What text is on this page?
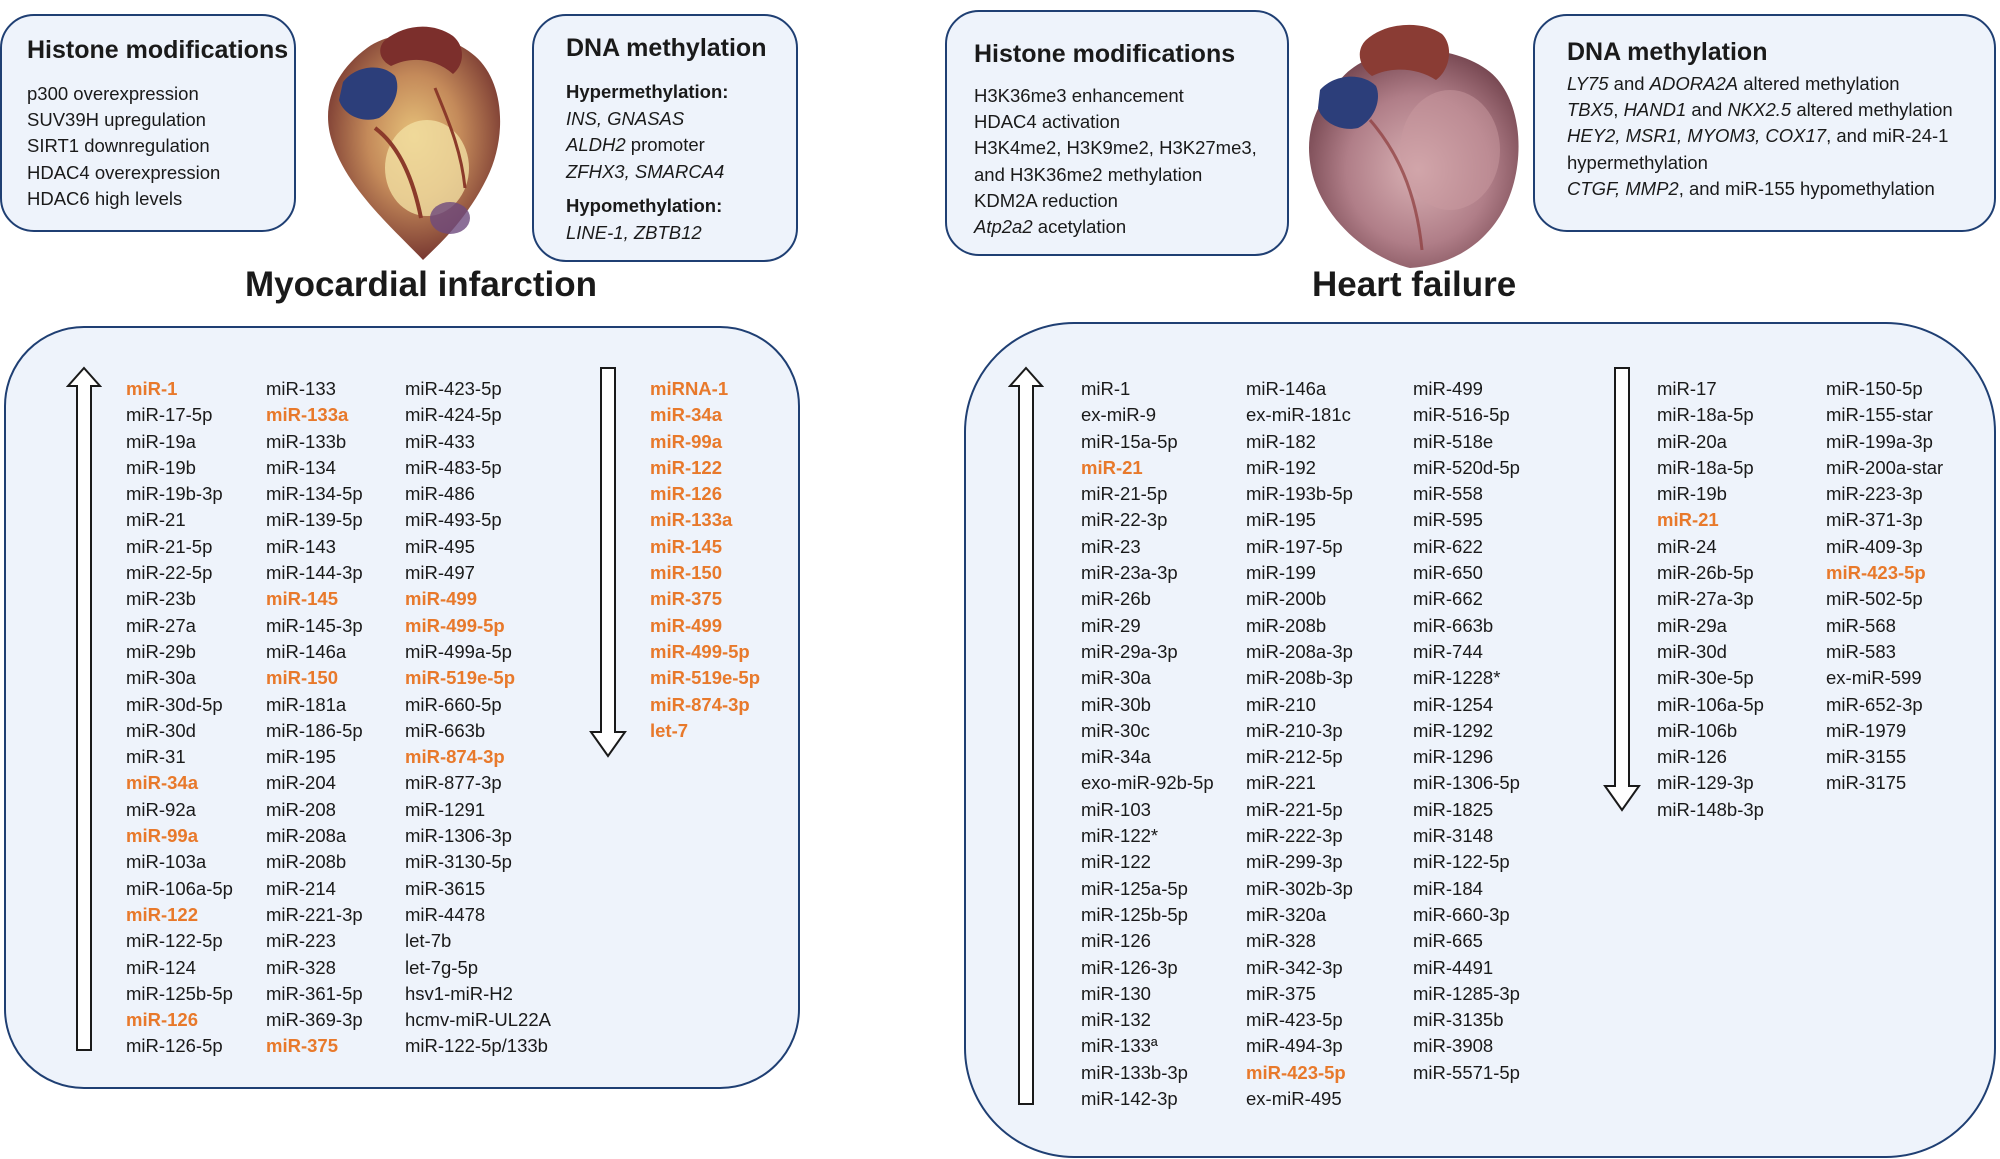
Histone modifications
p300 overexpression
SUV39H upregulation
SIRT1 downregulation
HDAC4 overexpression
HDAC6 high levels
DNA methylation
Hypermethylation:
INS, GNASAS
ALDH2 promoter
ZFHX3, SMARCA4
Hypomethylation:
LINE-1, ZBTB12
Myocardial infarction
miR-1
miR-17-5p
miR-19a
miR-19b
miR-19b-3p
miR-21
miR-21-5p
miR-22-5p
miR-23b
miR-27a
miR-29b
miR-30a
miR-30d-5p
miR-30d
miR-31
miR-34a
miR-92a
miR-99a
miR-103a
miR-106a-5p
miR-122
miR-122-5p
miR-124
miR-125b-5p
miR-126
miR-126-5p
miR-133
miR-133a
miR-133b
miR-134
miR-134-5p
miR-139-5p
miR-143
miR-144-3p
miR-145
miR-145-3p
miR-146a
miR-150
miR-181a
miR-186-5p
miR-195
miR-204
miR-208
miR-208a
miR-208b
miR-214
miR-221-3p
miR-223
miR-328
miR-361-5p
miR-369-3p
miR-375
miR-423-5p
miR-424-5p
miR-433
miR-483-5p
miR-486
miR-493-5p
miR-495
miR-497
miR-499
miR-499-5p
miR-499a-5p
miR-519e-5p
miR-660-5p
miR-663b
miR-874-3p
miR-877-3p
miR-1291
miR-1306-3p
miR-3130-5p
miR-3615
miR-4478
let-7b
let-7g-5p
hsv1-miR-H2
hcmv-miR-UL22A
miR-122-5p/133b
miRNA-1
miR-34a
miR-99a
miR-122
miR-126
miR-133a
miR-145
miR-150
miR-375
miR-499
miR-499-5p
miR-519e-5p
miR-874-3p
let-7
Histone modifications
H3K36me3 enhancement
HDAC4 activation
H3K4me2, H3K9me2, H3K27me3,
and H3K36me2 methylation
KDM2A reduction
Atp2a2 acetylation
DNA methylation
LY75 and ADORA2A altered methylation
TBX5, HAND1 and NKX2.5 altered methylation
HEY2, MSR1, MYOM3, COX17, and miR-24-1
hypermethylation
CTGF, MMP2, and miR-155 hypomethylation
Heart failure
miR-1
ex-miR-9
miR-15a-5p
miR-21
miR-21-5p
miR-22-3p
miR-23
miR-23a-3p
miR-26b
miR-29
miR-29a-3p
miR-30a
miR-30b
miR-30c
miR-34a
exo-miR-92b-5p
miR-103
miR-122*
miR-122
miR-125a-5p
miR-125b-5p
miR-126
miR-126-3p
miR-130
miR-132
miR-133ª
miR-133b-3p
miR-142-3p
miR-146a
ex-miR-181c
miR-182
miR-192
miR-193b-5p
miR-195
miR-197-5p
miR-199
miR-200b
miR-208b
miR-208a-3p
miR-208b-3p
miR-210
miR-210-3p
miR-212-5p
miR-221
miR-221-5p
miR-222-3p
miR-299-3p
miR-302b-3p
miR-320a
miR-328
miR-342-3p
miR-375
miR-423-5p
miR-494-3p
miR-423-5p
ex-miR-495
miR-499
miR-516-5p
miR-518e
miR-520d-5p
miR-558
miR-595
miR-622
miR-650
miR-662
miR-663b
miR-744
miR-1228*
miR-1254
miR-1292
miR-1296
miR-1306-5p
miR-1825
miR-3148
miR-122-5p
miR-184
miR-660-3p
miR-665
miR-4491
miR-1285-3p
miR-3135b
miR-3908
miR-5571-5p
miR-17
miR-18a-5p
miR-20a
miR-18a-5p
miR-19b
miR-21
miR-24
miR-26b-5p
miR-27a-3p
miR-29a
miR-30d
miR-30e-5p
miR-106a-5p
miR-106b
miR-126
miR-129-3p
miR-148b-3p
miR-150-5p
miR-155-star
miR-199a-3p
miR-200a-star
miR-223-3p
miR-371-3p
miR-409-3p
miR-423-5p
miR-502-5p
miR-568
miR-583
ex-miR-599
miR-652-3p
miR-1979
miR-3155
miR-3175
